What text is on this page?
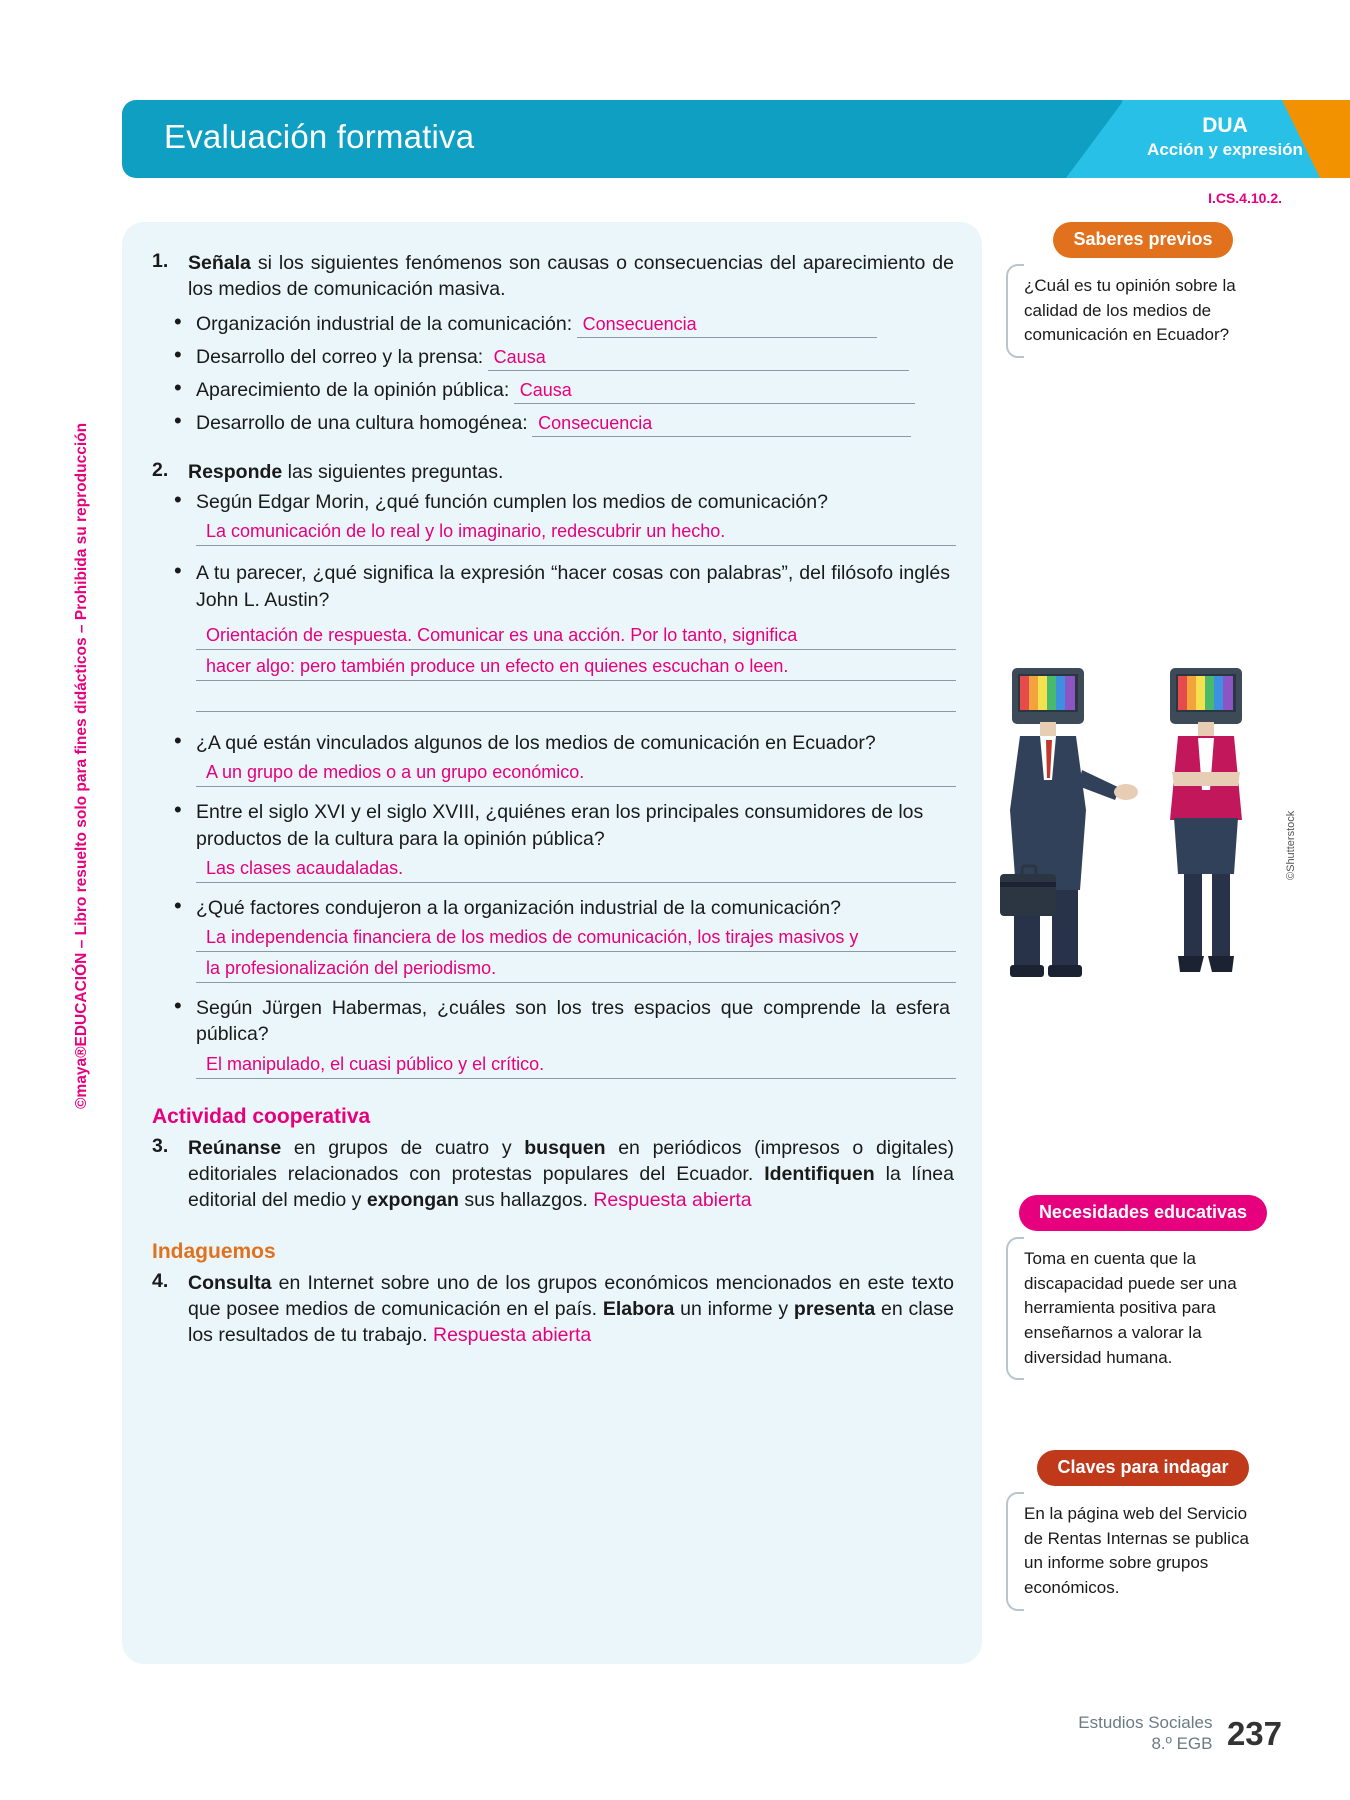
Evaluación formativa	DUA
Acción y expresión
I.CS.4.10.2.
©maya®EDUCACIÓN – Libro resuelto solo para fines didácticos – Prohibida su reproducción
1.	Señala si los siguientes fenómenos son causas o consecuencias del aparecimiento de los medios de comunicación masiva.
• Organización industrial de la comunicación: Consecuencia
• Desarrollo del correo y la prensa: Causa
• Aparecimiento de la opinión pública: Causa
• Desarrollo de una cultura homogénea: Consecuencia
2.	Responde las siguientes preguntas.
• Según Edgar Morin, ¿qué función cumplen los medios de comunicación?
La comunicación de lo real y lo imaginario, redescubrir un hecho.
• A tu parecer, ¿qué significa la expresión “hacer cosas con palabras”, del filósofo inglés John L. Austin?
Orientación de respuesta. Comunicar es una acción. Por lo tanto, significa
hacer algo: pero también produce un efecto en quienes escuchan o leen.
• ¿A qué están vinculados algunos de los medios de comunicación en Ecuador?
A un grupo de medios o a un grupo económico.
• Entre el siglo XVI y el siglo XVIII, ¿quiénes eran los principales consumidores de los productos de la cultura para la opinión pública?
Las clases acaudaladas.
• ¿Qué factores condujeron a la organización industrial de la comunicación?
La independencia financiera de los medios de comunicación, los tirajes masivos y
la profesionalización del periodismo.
• Según Jürgen Habermas, ¿cuáles son los tres espacios que comprende la esfera pública?
El manipulado, el cuasi público y el crítico.
Actividad cooperativa
3.	Reúnanse en grupos de cuatro y busquen en periódicos (impresos o digitales) editoriales relacionados con protestas populares del Ecuador. Identifiquen la línea editorial del medio y expongan sus hallazgos. Respuesta abierta
Indaguemos
4.	Consulta en Internet sobre uno de los grupos económicos mencionados en este texto que posee medios de comunicación en el país. Elabora un informe y presenta en clase los resultados de tu trabajo. Respuesta abierta
Saberes previos
¿Cuál es tu opinión sobre la calidad de los medios de comunicación en Ecuador?
©Shutterstock
Necesidades educativas
Toma en cuenta que la discapacidad puede ser una herramienta positiva para enseñarnos a valorar la diversidad humana.
Claves para indagar
En la página web del Servicio de Rentas Internas se publica un informe sobre grupos económicos.
Estudios Sociales
8.º EGB 237
